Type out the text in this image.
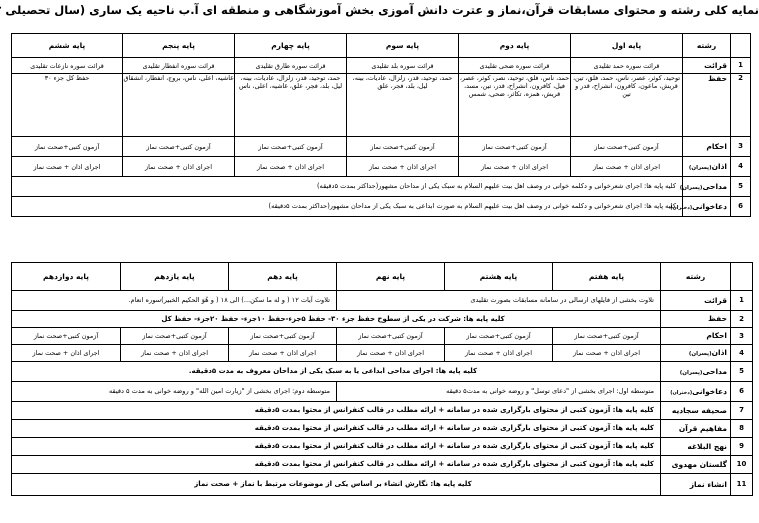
نمایه کلی رشته و محتوای مسابقات قرآن،نماز و عترت دانش آموزی بخش آموزشگاهی و منطقه ای آ.ب ناحیه یک ساری (سال تحصیلی
	رشته	پایه اول	پایه دوم	پایه سوم	پایه چهارم	پایه پنجم	پایه ششم
1	قرائت	قرائت سوره حمد تقلیدی	قرائت سوره ضحی تقلیدی	قرائت سوره بلد تقلیدی	قرائت سوره طارق تقلیدی	قرائت سوره انفطار تقلیدی	قرائت سوره نازعات تقلیدی
2	حفظ	توحید، کوثر، عصر، ناس، حمد، فلق، تین، قریش، ماعون، کافرون، انشراح، قدر و تین	حمد، ناس، فلق، توحید، نصر، کوثر، عصر، فیل، کافرون، انشراح، قدر، تین، مسد، قریش، همزه، تکاثر، ضحی، شمس	حمد، توحید، قدر، زلزال، عادیات، بینه، لیل، بلد، فجر، علق	حمد، توحید، قدر، زلزال، عادیات، بینه، لیل، بلد، فجر، علق، غاشیه، اعلی، ناس	غاشیه، اعلی، ناس، بروج، انفطار، انشقاق	حفظ کل جزء ۳۰
3	احکام	آزمون کتبی+صحت نماز	آزمون کتبی+صحت نماز	آزمون کتبی+صحت نماز	آزمون کتبی+صحت نماز	آزمون کتبی+صحت نماز	آزمون کتبی+صحت نماز
4	اذان(پسران)	اجرای اذان + صحت نماز	اجرای اذان + صحت نماز	اجرای اذان + صحت نماز	اجرای اذان + صحت نماز	اجرای اذان + صحت نماز	اجرای اذان + صحت نماز
5	مداحی(پسران)	کلیه پایه ها: اجرای شعرخوانی و دکلمه خوانی در وصف اهل بیت علیهم السلام به سبک یکی از مداحان مشهور(حداکثر بمدت ۵دقیقه)					
6	دعاخوانی(دختران)	کلیه پایه ها: اجرای شعرخوانی و دکلمه خوانی در وصف اهل بیت علیهم السلام به صورت ابداعی به سبک یکی از مداحان مشهور(حداکثر بمدت ۵دقیقه)					
	رشته	پایه هفتم	پایه هشتم	پایه نهم	پایه دهم	پایه یازدهم	پایه دوازدهم
1	قرائت	تلاوت بخشی از فایلهای ارسالی در سامانه مسابقات بصورت تقلیدی			تلاوت آیات ۱۲ ( و له ما سکن...) الی ۱۸ ( و هُوَ الحکیم الخبیر)سوره انعام.		
2	حفظ	کلیه پایه ها: شرکت در یکی از سطوح حفظ جزء ۳۰- حفظ ۵جزء-حفظ ۱۰جزء- حفظ ۲۰جزء- حفظ کل					
3	احکام	آزمون کتبی+صحت نماز	آزمون کتبی+صحت نماز	آزمون کتبی+صحت نماز	آزمون کتبی+صحت نماز	آزمون کتبی+صحت نماز	آزمون کتبی+صحت نماز
4	اذان(پسران)	اجرای اذان + صحت نماز	اجرای اذان + صحت نماز	اجرای اذان + صحت نماز	اجرای اذان + صحت نماز	اجرای اذان + صحت نماز	اجرای اذان + صحت نماز
5	مداحی(پسران)	کلیه پایه ها: اجرای مداحی ابداعی یا به سبک یکی از مداحان معروف به مدت ۵دقیقه.					
6	دعاخوانی(دختران)	متوسطه اول: اجرای بخشی از "دعای توسل" و روضه خوانی به مدت۵ دقیقه			متوسطه دوم: اجرای بخشی از "زیارت امین الله" و روضه خوانی به مدت ۵ دقیقه		
7	صحیفه سجادیه	کلیه پایه ها: آزمون کتبی از محتوای بارگزاری شده در سامانه + ارائه مطلب در قالب کنفرانس از محتوا بمدت ۵دقیقه					
8	مفاهیم قرآن	کلیه پایه ها: آزمون کتبی از محتوای بارگزاری شده در سامانه + ارائه مطلب در قالب کنفرانس از محتوا بمدت ۵دقیقه					
9	نهج البلاغه	کلیه پایه ها: آزمون کتبی از محتوای بارگزاری شده در سامانه + ارائه مطلب در قالب کنفرانس از محتوا بمدت ۵دقیقه					
10	گلستان مهدوی	کلیه پایه ها: آزمون کتبی از محتوای بارگزاری شده در سامانه + ارائه مطلب در قالب کنفرانس از محتوا بمدت ۵دقیقه					
11	انشاء نماز	کلیه پایه ها: نگارش انشاء بر اساس یکی از موضوعات مرتبط با نماز + صحت نماز					
